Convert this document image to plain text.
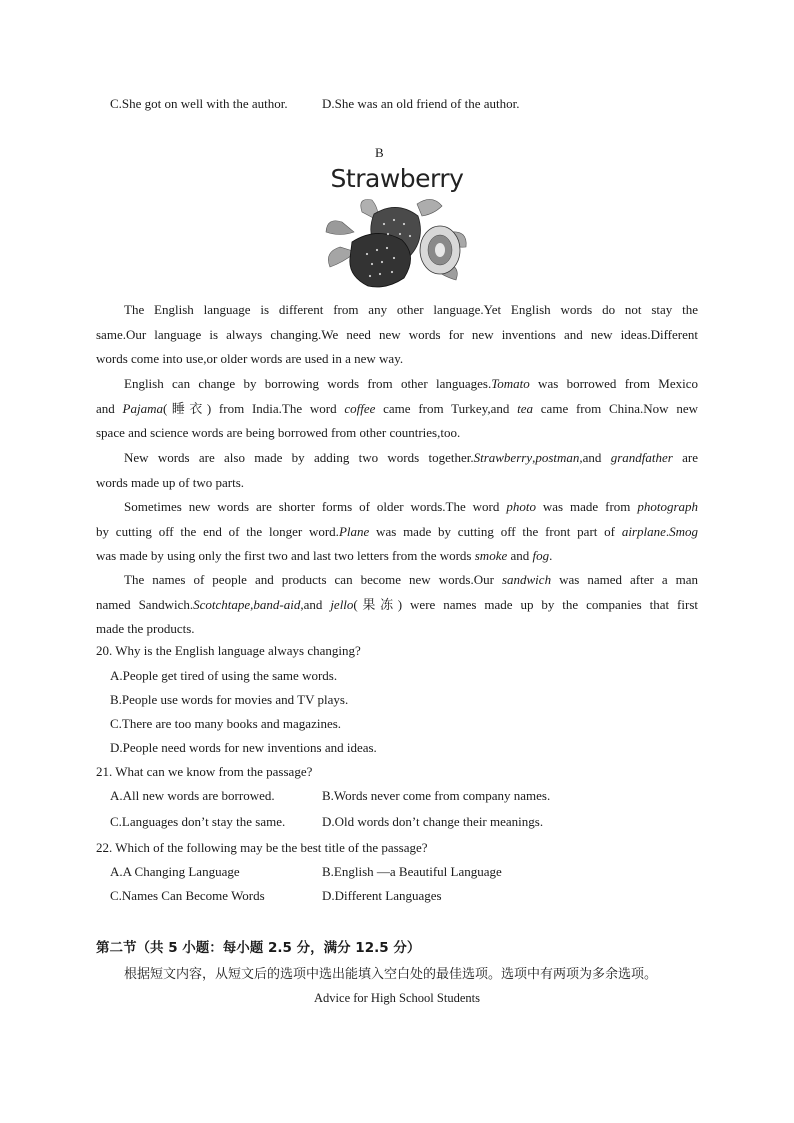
C.She got on well with the author.	D.She was an old friend of the author.
B
Strawberry
The English language is different from any other language.Yet English words do not stay the
same.Our language is always changing.We need new words for new inventions and new ideas.Different
words come into use,or older words are used in a new way.
English can change by borrowing words from other languages.Tomato was borrowed from Mexico
and Pajama(睡衣) from India.The word coffee came from Turkey,and tea came from China.Now new
space and science words are being borrowed from other countries,too.
New words are also made by adding two words together.Strawberry,postman,and grandfather are
words made up of two parts.
Sometimes new words are shorter forms of older words.The word photo was made from photograph
by cutting off the end of the longer word.Plane was made by cutting off the front part of airplane.Smog
was made by using only the first two and last two letters from the words smoke and fog.
The names of people and products can become new words.Our sandwich was named after a man
named Sandwich.Scotchtape,band-aid,and jello(果冻) were names made up by the companies that first
made the products.
20. Why is the English language always changing?
A.People get tired of using the same words.
B.People use words for movies and TV plays.
C.There are too many books and magazines.
D.People need words for new inventions and ideas.
21. What can we know from the passage?
A.All new words are borrowed.	B.Words never come from company names.
C.Languages don’t stay the same.	D.Old words don’t change their meanings.
22. Which of the following may be the best title of the passage?
A.A Changing Language	B.English —a Beautiful Language
C.Names Can Become Words	D.Different Languages
第二节（共 5 小题：每小题 2.5 分，满分 12.5 分）
根据短文内容，从短文后的选项中选出能填入空白处的最佳选项。选项中有两项为多余选项。
Advice for High School Students
